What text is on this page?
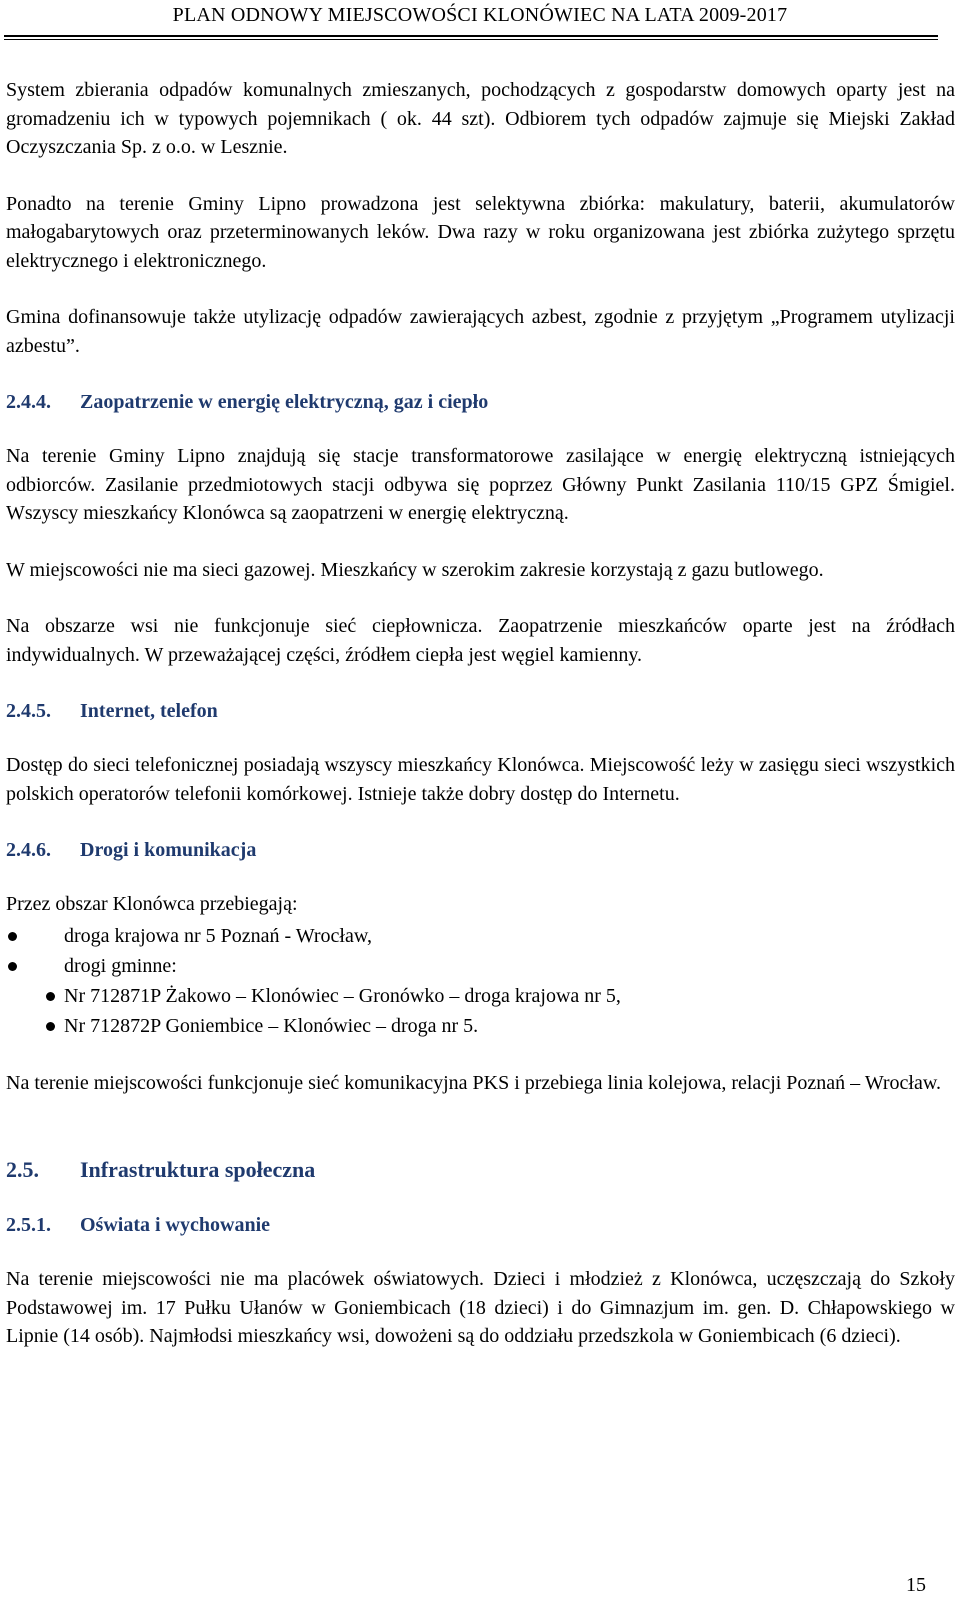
PLAN ODNOWY MIEJSCOWOŚCI KLONÓWIEC NA LATA 2009-2017

System zbierania odpadów komunalnych zmieszanych, pochodzących z gospodarstw domowych oparty jest na gromadzeniu ich w typowych pojemnikach ( ok. 44 szt). Odbiorem tych odpadów zajmuje się Miejski Zakład Oczyszczania Sp. z o.o. w Lesznie.

Ponadto na terenie Gminy Lipno prowadzona jest selektywna zbiórka: makulatury, baterii, akumulatorów małogabarytowych oraz przeterminowanych leków. Dwa razy w roku organizowana jest zbiórka zużytego sprzętu elektrycznego i elektronicznego.

Gmina dofinansowuje także utylizację odpadów zawierających azbest, zgodnie z przyjętym „Programem utylizacji azbestu”.

2.4.4. Zaopatrzenie w energię elektryczną, gaz i ciepło

Na terenie Gminy Lipno znajdują się stacje transformatorowe zasilające w energię elektryczną istniejących odbiorców. Zasilanie przedmiotowych stacji odbywa się poprzez Główny Punkt Zasilania 110/15 GPZ Śmigiel. Wszyscy mieszkańcy Klonówca są zaopatrzeni w energię elektryczną.

W miejscowości nie ma sieci gazowej. Mieszkańcy w szerokim zakresie korzystają z gazu butlowego.

Na obszarze wsi nie funkcjonuje sieć ciepłownicza. Zaopatrzenie mieszkańców oparte jest na źródłach indywidualnych. W przeważającej części, źródłem ciepła jest węgiel kamienny.

2.4.5. Internet, telefon

Dostęp do sieci telefonicznej posiadają wszyscy mieszkańcy Klonówca. Miejscowość leży w zasięgu sieci wszystkich polskich operatorów telefonii komórkowej. Istnieje także dobry dostęp do Internetu.

2.4.6. Drogi i komunikacja

Przez obszar Klonówca przebiegają:

droga krajowa nr 5 Poznań - Wrocław,
drogi gminne:
Nr 712871P Żakowo – Klonówiec – Gronówko – droga krajowa nr 5,
Nr 712872P Goniembice – Klonówiec – droga nr 5.

Na terenie miejscowości funkcjonuje sieć komunikacyjna PKS i przebiega linia kolejowa, relacji Poznań – Wrocław.

2.5. Infrastruktura społeczna
2.5.1. Oświata i wychowanie

Na terenie miejscowości nie ma placówek oświatowych. Dzieci i młodzież z Klonówca, uczęszczają do Szkoły Podstawowej im. 17 Pułku Ułanów w Goniembicach (18 dzieci) i do Gimnazjum im. gen. D. Chłapowskiego w Lipnie (14 osób). Najmłodsi mieszkańcy wsi, dowożeni są do oddziału przedszkola w Goniembicach (6 dzieci).

15
